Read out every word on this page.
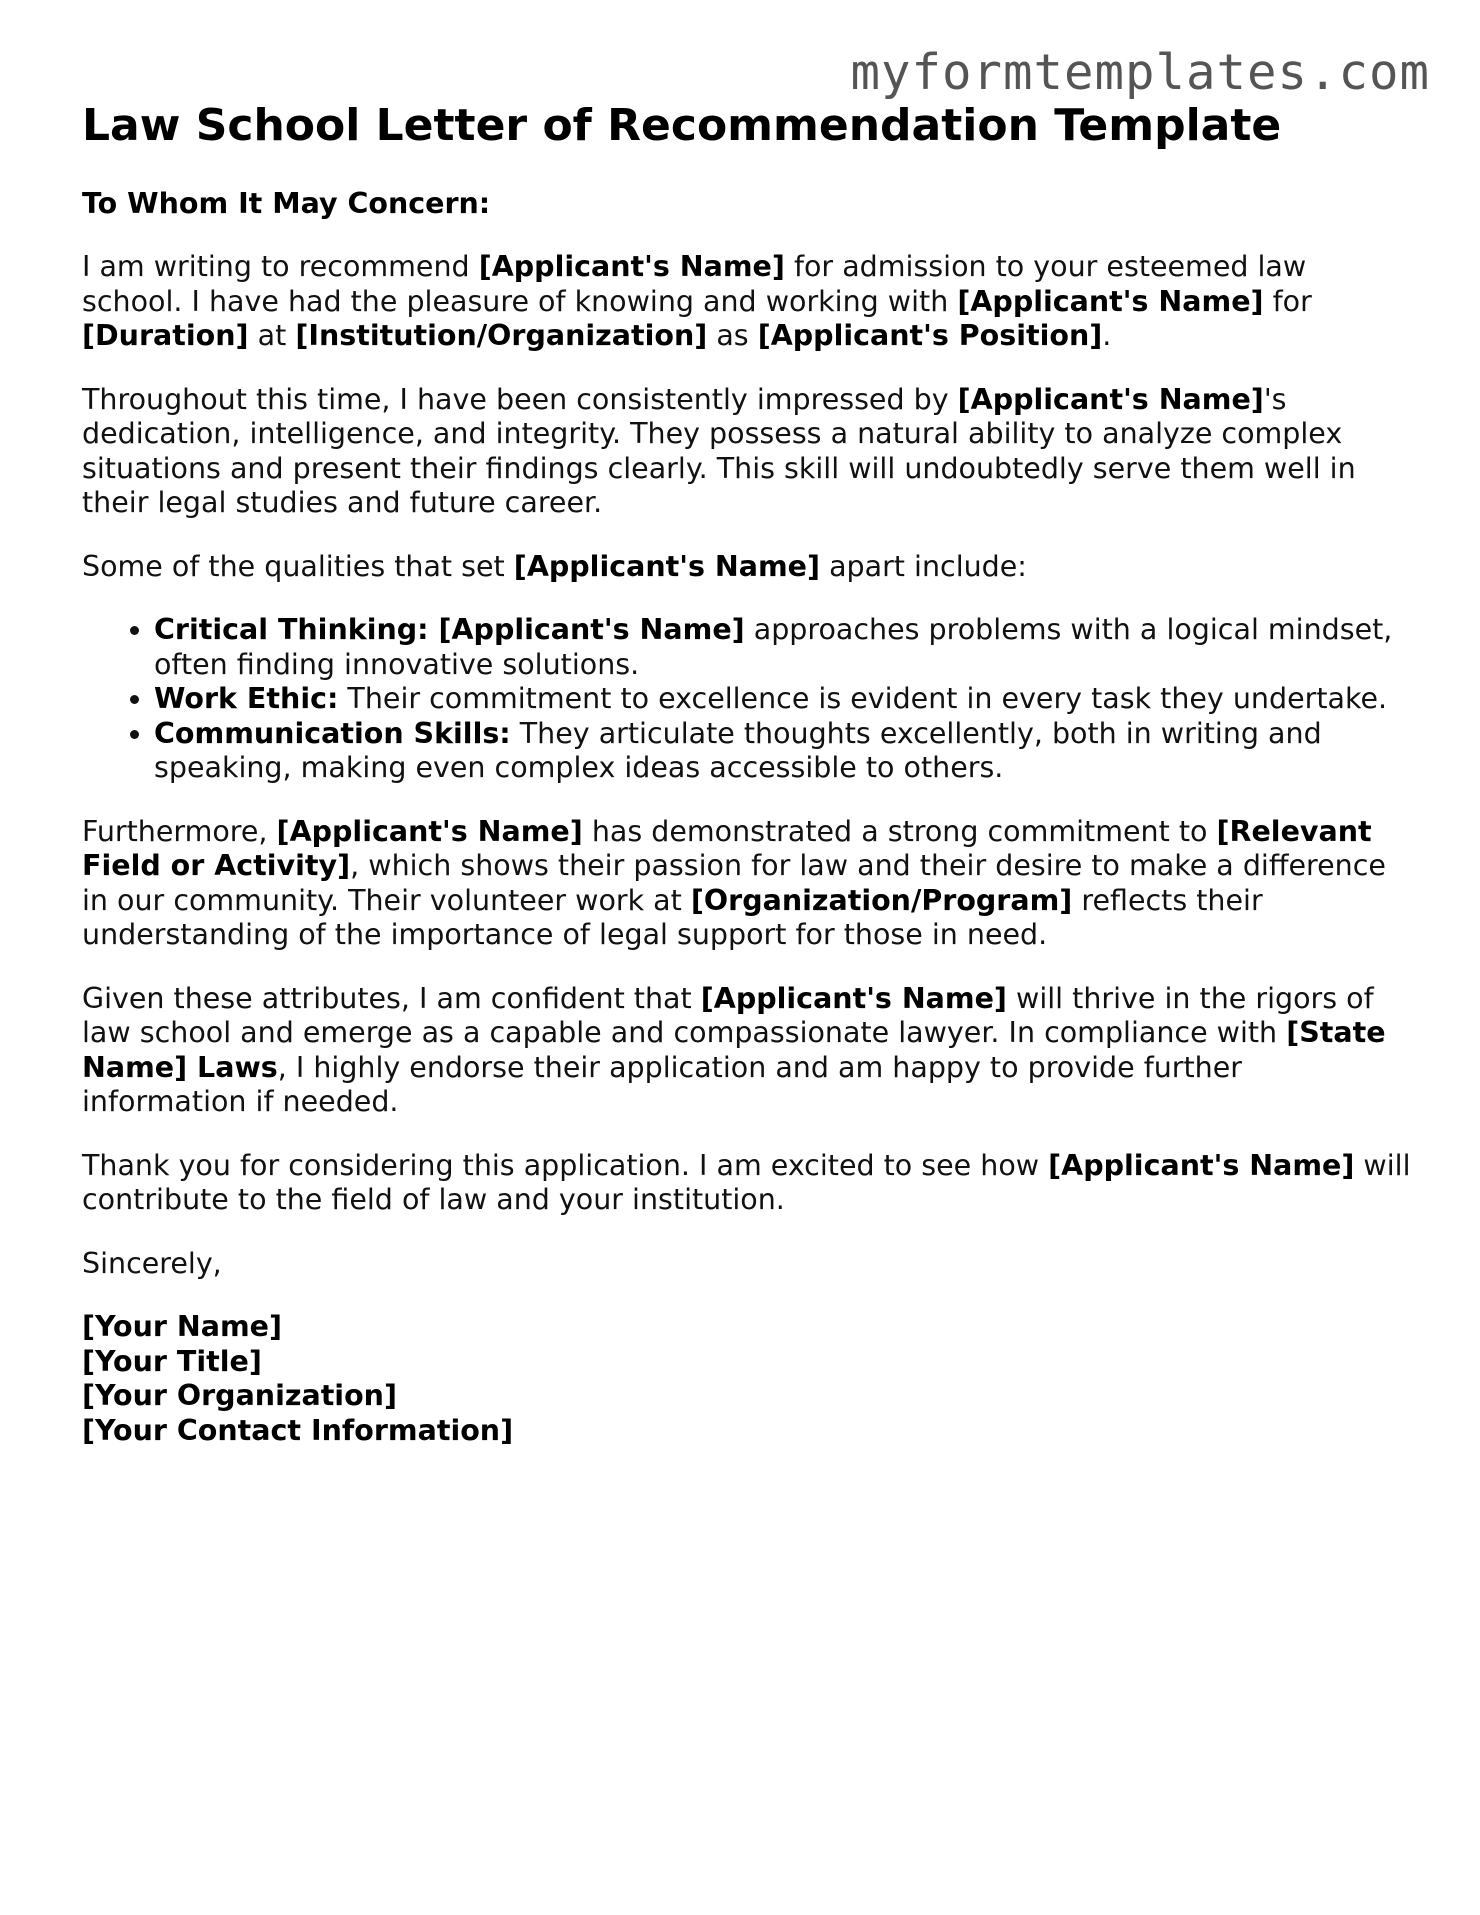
myformtemplates.com
Law School Letter of Recommendation Template

To Whom It May Concern:

I am writing to recommend [Applicant's Name] for admission to your esteemed law school. I have had the pleasure of knowing and working with [Applicant's Name] for [Duration] at [Institution/Organization] as [Applicant's Position].

Throughout this time, I have been consistently impressed by [Applicant's Name]'s dedication, intelligence, and integrity. They possess a natural ability to analyze complex situations and present their findings clearly. This skill will undoubtedly serve them well in their legal studies and future career.

Some of the qualities that set [Applicant's Name] apart include:

• Critical Thinking: [Applicant's Name] approaches problems with a logical mindset, often finding innovative solutions.
• Work Ethic: Their commitment to excellence is evident in every task they undertake.
• Communication Skills: They articulate thoughts excellently, both in writing and speaking, making even complex ideas accessible to others.

Furthermore, [Applicant's Name] has demonstrated a strong commitment to [Relevant Field or Activity], which shows their passion for law and their desire to make a difference in our community. Their volunteer work at [Organization/Program] reflects their understanding of the importance of legal support for those in need.

Given these attributes, I am confident that [Applicant's Name] will thrive in the rigors of law school and emerge as a capable and compassionate lawyer. In compliance with [State Name] Laws, I highly endorse their application and am happy to provide further information if needed.

Thank you for considering this application. I am excited to see how [Applicant's Name] will contribute to the field of law and your institution.

Sincerely,

[Your Name]

[Your Title]

[Your Organization]

[Your Contact Information]
